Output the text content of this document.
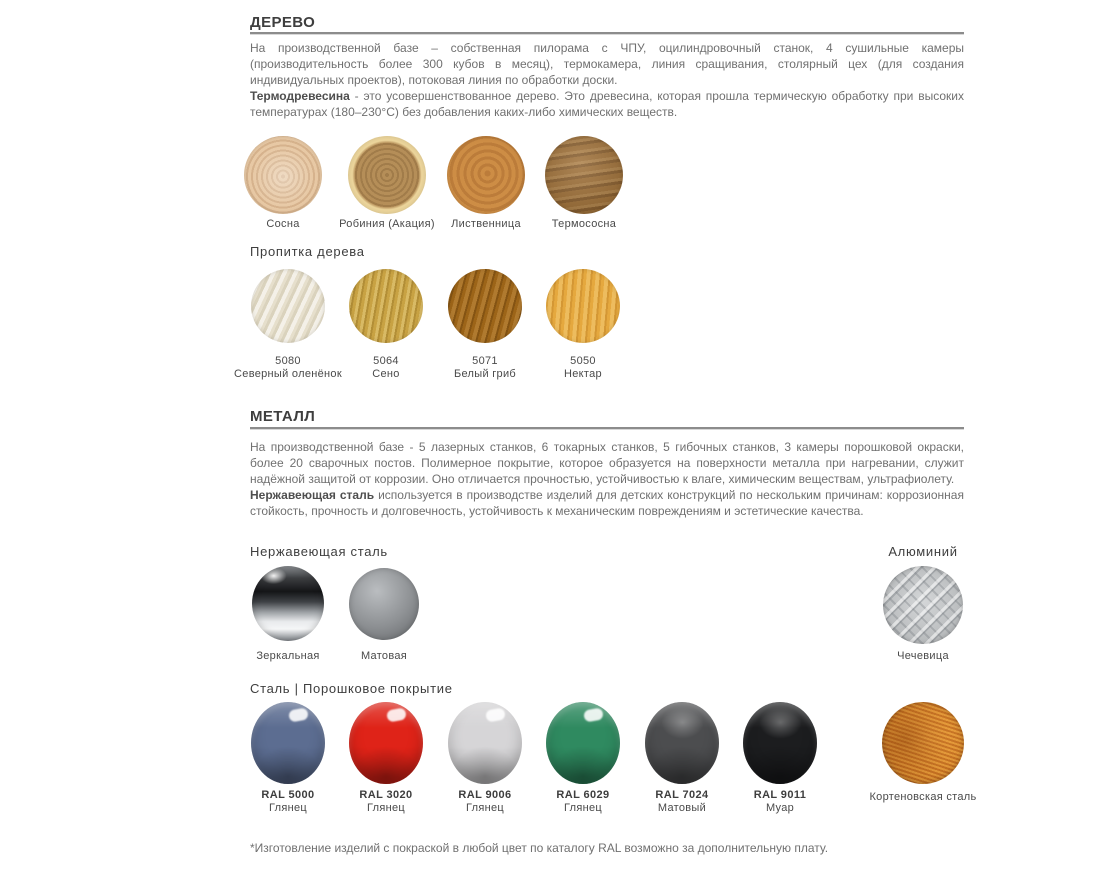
ДЕРЕВО

На производственной базе – собственная пилорама с ЧПУ, оцилиндровочный станок, 4 сушильные камеры (производительность более 300 кубов в месяц), термокамера, линия сращивания, столярный цех (для создания индивидуальных проектов), потоковая линия по обработки доски.

Термодревесина - это усовершенствованное дерево. Это древесина, которая прошла термическую обработку при высоких температурах (180–230°C) без добавления каких-либо химических веществ.

Сосна	Робиния (Акация)	Лиственница	Термососна
Пропитка дерева
5080
Северный оленёнок
5064
Сено
5071
Белый гриб
5050
Нектар
МЕТАЛЛ

На производственной базе - 5 лазерных станков, 6 токарных станков, 5 гибочных станков, 3 камеры порошковой окраски, более 20 сварочных постов. Полимерное покрытие, которое образуется на поверхности металла при нагревании, служит надёжной защитой от коррозии. Оно отличается прочностью, устойчивостью к влаге, химическим веществам, ультрафиолету.

Нержавеющая сталь используется в производстве изделий для детских конструкций по нескольким причинам: коррозионная стойкость, прочность и долговечность, устойчивость к механическим повреждениям и эстетические качества.

Нержавеющая сталь	Алюминий
Зеркальная	Матовая	Чечевица
Сталь | Порошковое покрытие
RAL 5000
Глянец
RAL 3020
Глянец
RAL 9006
Глянец
RAL 6029
Глянец
RAL 7024
Матовый
RAL 9011
Муар
Кортеновская сталь
*Изготовление изделий с покраской в любой цвет по каталогу RAL возможно за дополнительную плату.
